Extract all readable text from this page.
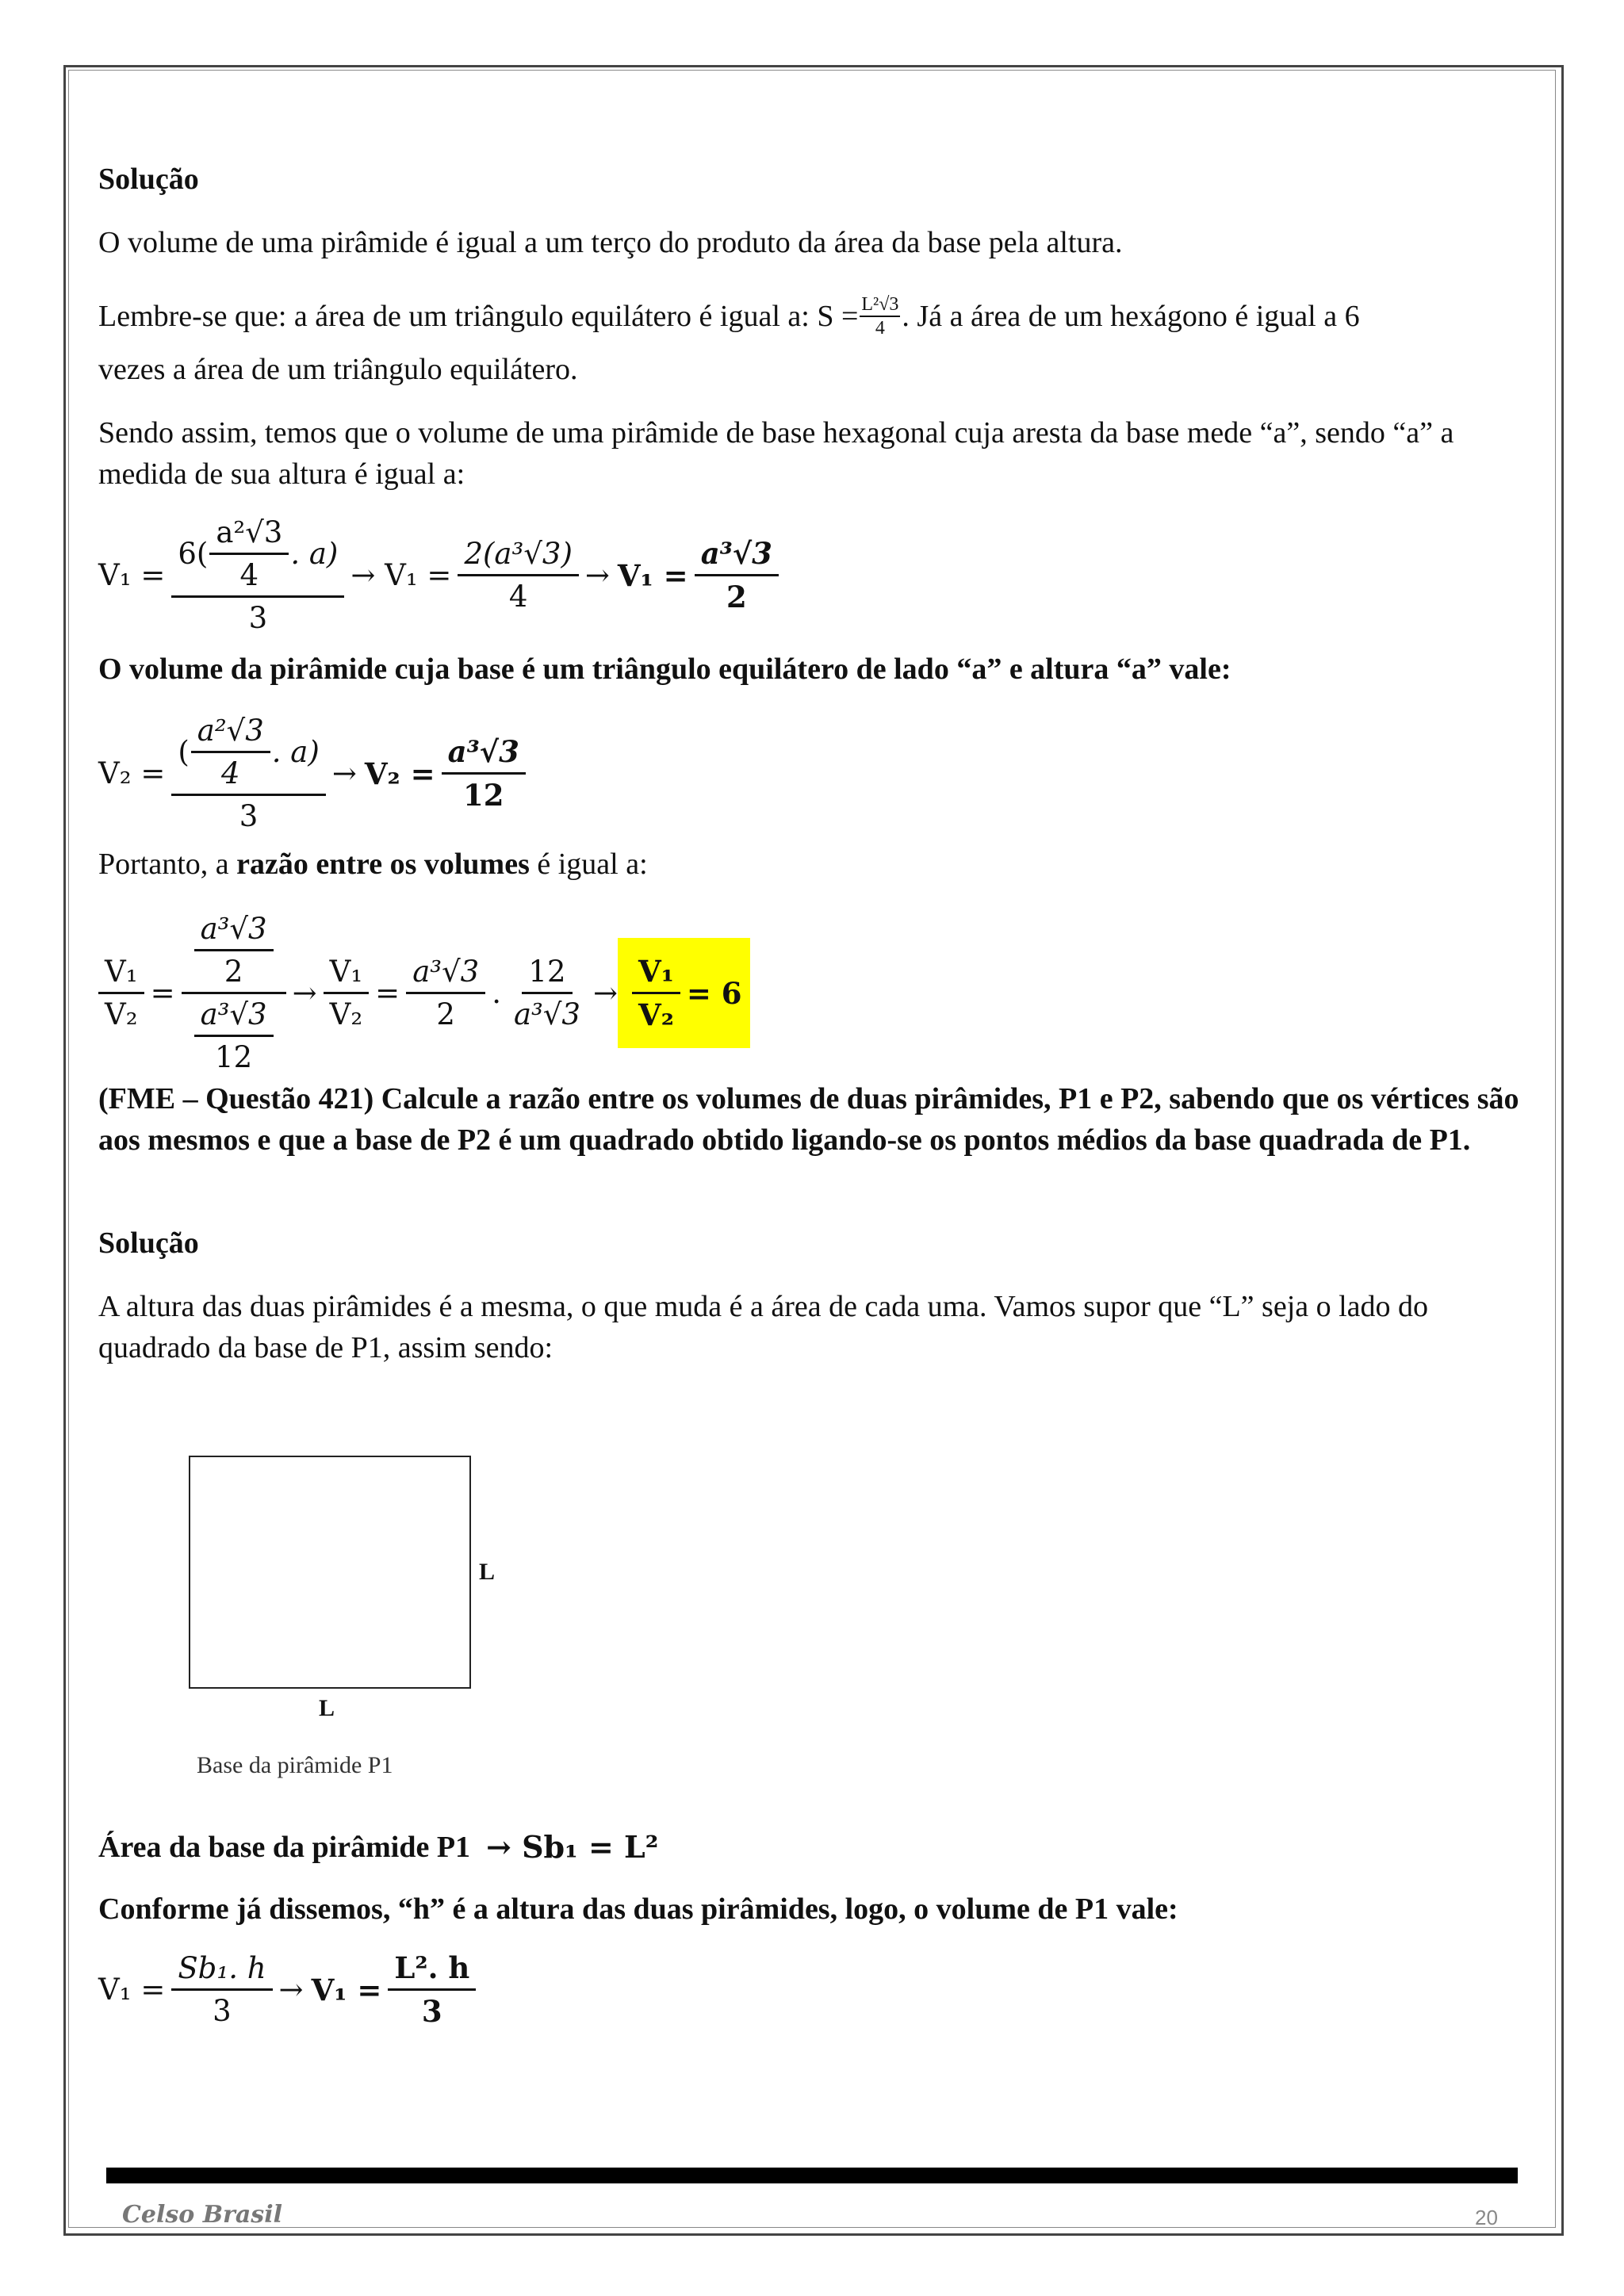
Solução

O volume de uma pirâmide é igual a um terço do produto da área da base pela altura.

Lembre-se que: a área de um triângulo equilátero é igual a: $S = \frac{\text{L²√3}}{4}$ . Já a área de um hexágono é igual a 6

vezes a área de um triângulo equilátero.

Sendo assim, temos que o volume de uma pirâmide de base hexagonal cuja aresta da base mede “a”, sendo “a” a medida de sua altura é igual a:

$V_1 = \frac{6( \frac{\text{a²√3}}{4} . a)}{3} \to V_1 = \frac{\text{2(a³√3)}}{4} \to V_1 = \frac{\text{a³√3}}{2}$

O volume da pirâmide cuja base é um triângulo equilátero de lado “a” e altura “a” vale:

$V_2 = \frac{( \frac{\text{a²√3}}{4} . a)}{3} \to V_2 = \frac{\text{a³√3}}{12}$

Portanto, a razão entre os volumes é igual a:

$\frac{\text{V₁}}{\text{V₂}} = \frac{\frac{\text{a³√3}}{2}}{\frac{\text{a³√3}}{12}} \to \frac{\text{V₁}}{\text{V₂}} = \frac{\text{a³√3}}{2}$ . $\frac{12}{\text{a³√3}} \to \frac{\text{V₁}}{\text{V₂}} = 6$

(FME – Questão 421) Calcule a razão entre os volumes de duas pirâmides, P1 e P2, sabendo que os vértices são aos mesmos e que a base de P2 é um quadrado obtido ligando-se os pontos médios da base quadrada de P1.

Solução

A altura das duas pirâmides é a mesma, o que muda é a área de cada uma. Vamos supor que “L” seja o lado do quadrado da base de P1, assim sendo:

L
L
Base da pirâmide P1
Área da base da pirâmide P1 → Sb₁ = L²

Conforme já dissemos, “h” é a altura das duas pirâmides, logo, o volume de P1 vale:

$V_1 = \frac{\text{Sb₁. h}}{3} \to V_1 = \frac{\text{L². h}}{3}$
Celso Brasil	20
